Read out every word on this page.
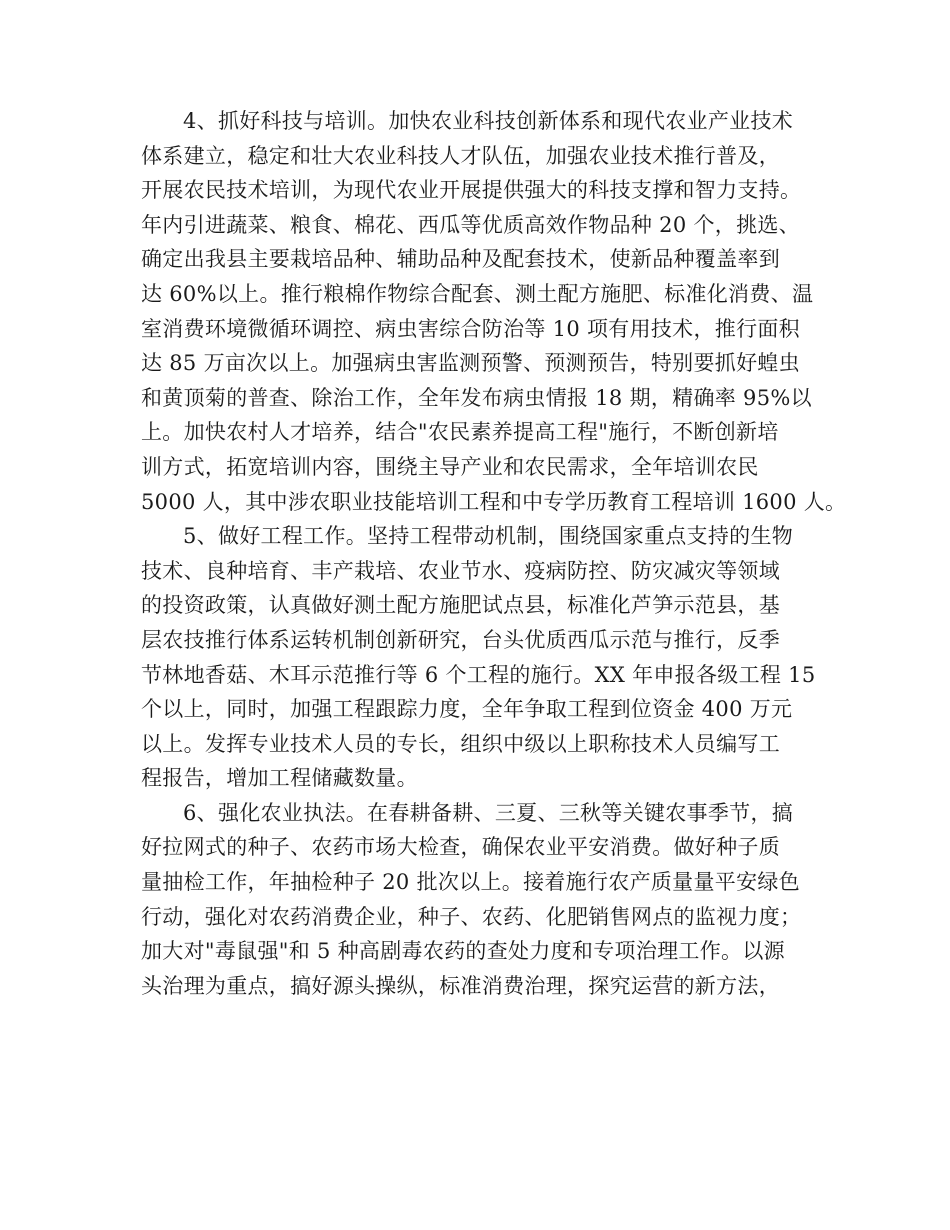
4、抓好科技与培训。加快农业科技创新体系和现代农业产业技术
体系建立，稳定和壮大农业科技人才队伍，加强农业技术推行普及，
开展农民技术培训，为现代农业开展提供强大的科技支撑和智力支持。
年内引进蔬菜、粮食、棉花、西瓜等优质高效作物品种 20 个，挑选、
确定出我县主要栽培品种、辅助品种及配套技术，使新品种覆盖率到
达 60%以上。推行粮棉作物综合配套、测土配方施肥、标准化消费、温
室消费环境微循环调控、病虫害综合防治等 10 项有用技术，推行面积
达 85 万亩次以上。加强病虫害监测预警、预测预告，特别要抓好蝗虫
和黄顶菊的普查、除治工作，全年发布病虫情报 18 期，精确率 95%以
上。加快农村人才培养，结合"农民素养提高工程"施行，不断创新培
训方式，拓宽培训内容，围绕主导产业和农民需求，全年培训农民
5000 人，其中涉农职业技能培训工程和中专学历教育工程培训 1600 人。
5、做好工程工作。坚持工程带动机制，围绕国家重点支持的生物
技术、良种培育、丰产栽培、农业节水、疫病防控、防灾减灾等领域
的投资政策，认真做好测土配方施肥试点县，标准化芦笋示范县，基
层农技推行体系运转机制创新研究，台头优质西瓜示范与推行，反季
节林地香菇、木耳示范推行等 6 个工程的施行。XX 年申报各级工程 15
个以上，同时，加强工程跟踪力度，全年争取工程到位资金 400 万元
以上。发挥专业技术人员的专长，组织中级以上职称技术人员编写工
程报告，增加工程储藏数量。
6、强化农业执法。在春耕备耕、三夏、三秋等关键农事季节，搞
好拉网式的种子、农药市场大检查，确保农业平安消费。做好种子质
量抽检工作，年抽检种子 20 批次以上。接着施行农产质量量平安绿色
行动，强化对农药消费企业，种子、农药、化肥销售网点的监视力度；
加大对"毒鼠强"和 5 种高剧毒农药的查处力度和专项治理工作。以源
头治理为重点，搞好源头操纵，标准消费治理，探究运营的新方法，
